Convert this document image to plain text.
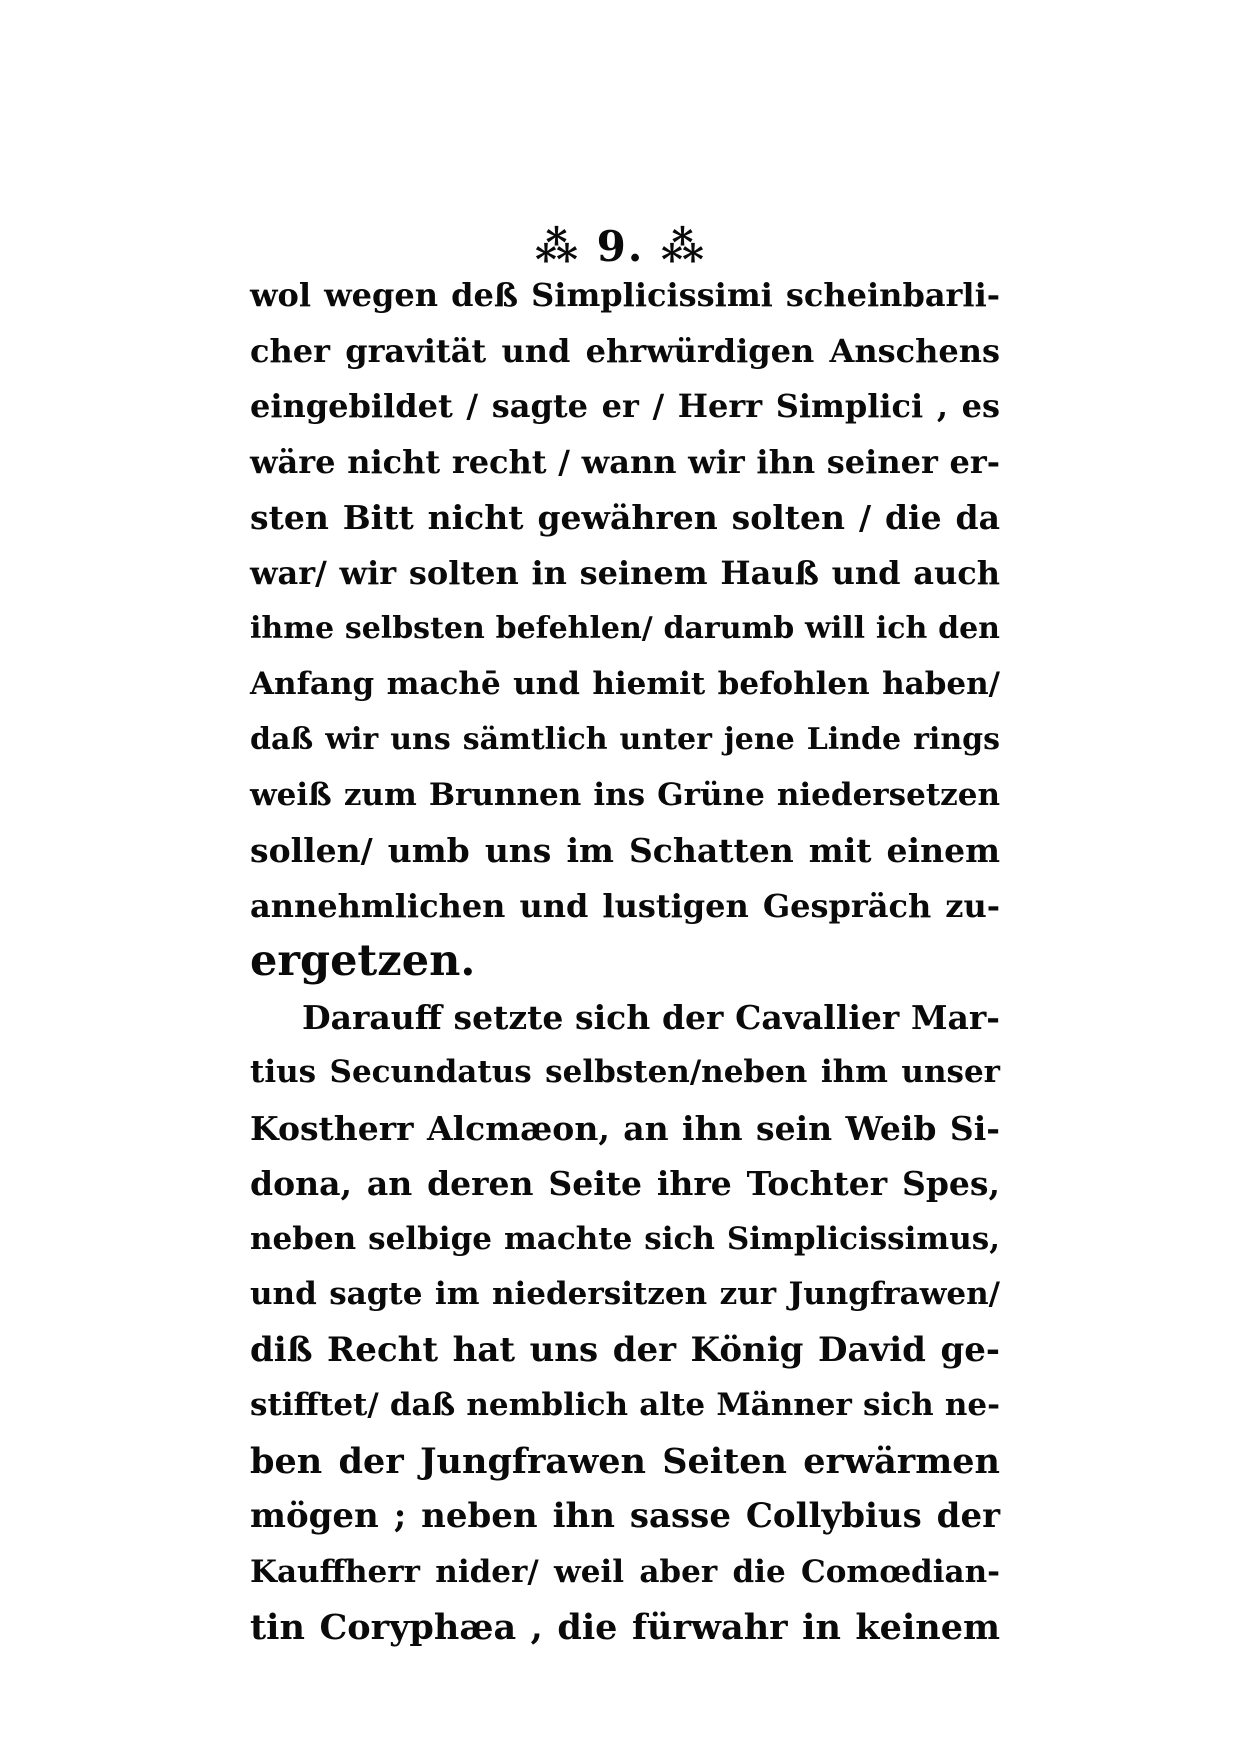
⁂ 9. ⁂
wol wegen deß Simplicissimi scheinbarli-
cher gravität und ehrwürdigen Anschens
eingebildet / sagte er / Herr Simplici , es
wäre nicht recht / wann wir ihn seiner er-
sten Bitt nicht gewähren solten / die da
war/ wir solten in seinem Hauß und auch
ihme selbsten befehlen/ darumb will ich den
Anfang machē und hiemit befohlen haben/
daß wir uns sämtlich unter jene Linde rings
weiß zum Brunnen ins Grüne niedersetzen
sollen/ umb uns im Schatten mit einem
annehmlichen und lustigen Gespräch zu-
ergetzen.
Darauff setzte sich der Cavallier Mar-
tius Secundatus selbsten/neben ihm unser
Kostherr Alcmæon, an ihn sein Weib Si-
dona, an deren Seite ihre Tochter Spes,
neben selbige machte sich Simplicissimus,
und sagte im niedersitzen zur Jungfrawen/
diß Recht hat uns der König David ge-
stifftet/ daß nemblich alte Männer sich ne-
ben der Jungfrawen Seiten erwärmen
mögen ; neben ihn sasse Collybius der
Kauffherr nider/ weil aber die Comœdian-
tin Coryphæa , die fürwahr in keinem
